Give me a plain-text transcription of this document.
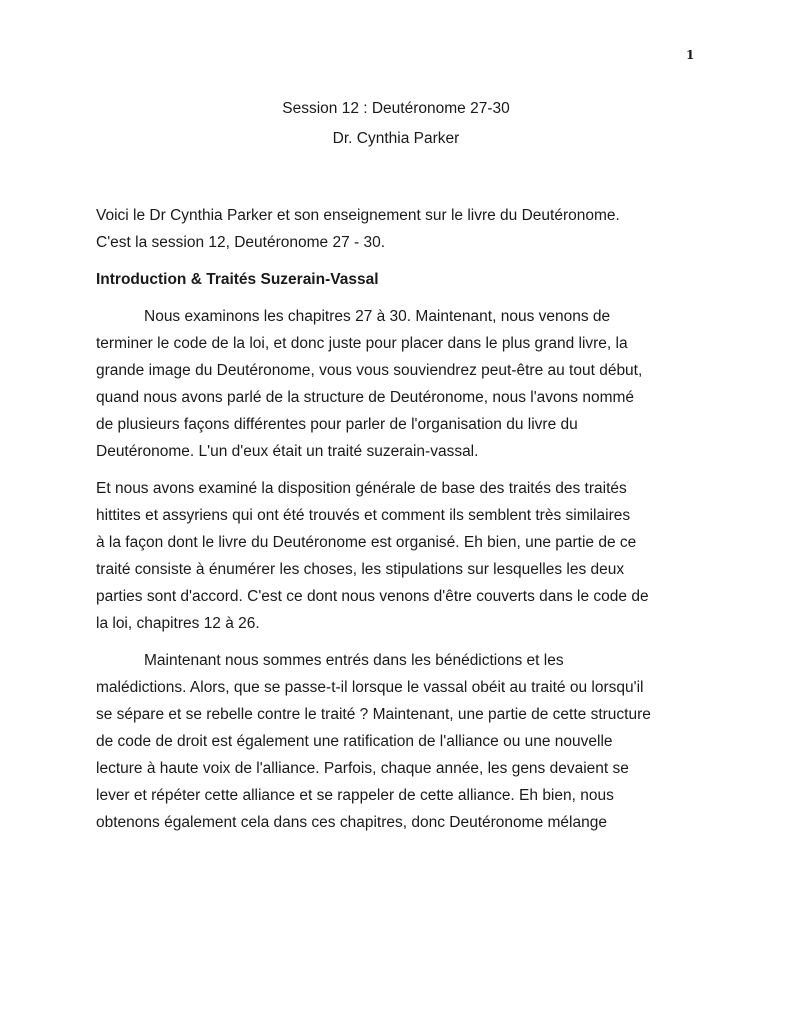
1
Session 12 : Deutéronome 27-30
Dr. Cynthia Parker

Voici le Dr Cynthia Parker et son enseignement sur le livre du Deutéronome.

C'est la session 12, Deutéronome 27 - 30.

Introduction & Traités Suzerain-Vassal

Nous examinons les chapitres 27 à 30. Maintenant, nous venons de
terminer le code de la loi, et donc juste pour placer dans le plus grand livre, la
grande image du Deutéronome, vous vous souviendrez peut-être au tout début,
quand nous avons parlé de la structure de Deutéronome, nous l'avons nommé
de plusieurs façons différentes pour parler de l'organisation du livre du
Deutéronome. L'un d'eux était un traité suzerain-vassal.

Et nous avons examiné la disposition générale de base des traités des traités
hittites et assyriens qui ont été trouvés et comment ils semblent très similaires
à la façon dont le livre du Deutéronome est organisé. Eh bien, une partie de ce
traité consiste à énumérer les choses, les stipulations sur lesquelles les deux
parties sont d'accord. C'est ce dont nous venons d'être couverts dans le code de
la loi, chapitres 12 à 26.

Maintenant nous sommes entrés dans les bénédictions et les
malédictions. Alors, que se passe-t-il lorsque le vassal obéit au traité ou lorsqu'il
se sépare et se rebelle contre le traité ? Maintenant, une partie de cette structure
de code de droit est également une ratification de l'alliance ou une nouvelle
lecture à haute voix de l'alliance. Parfois, chaque année, les gens devaient se
lever et répéter cette alliance et se rappeler de cette alliance. Eh bien, nous
obtenons également cela dans ces chapitres, donc Deutéronome mélange
